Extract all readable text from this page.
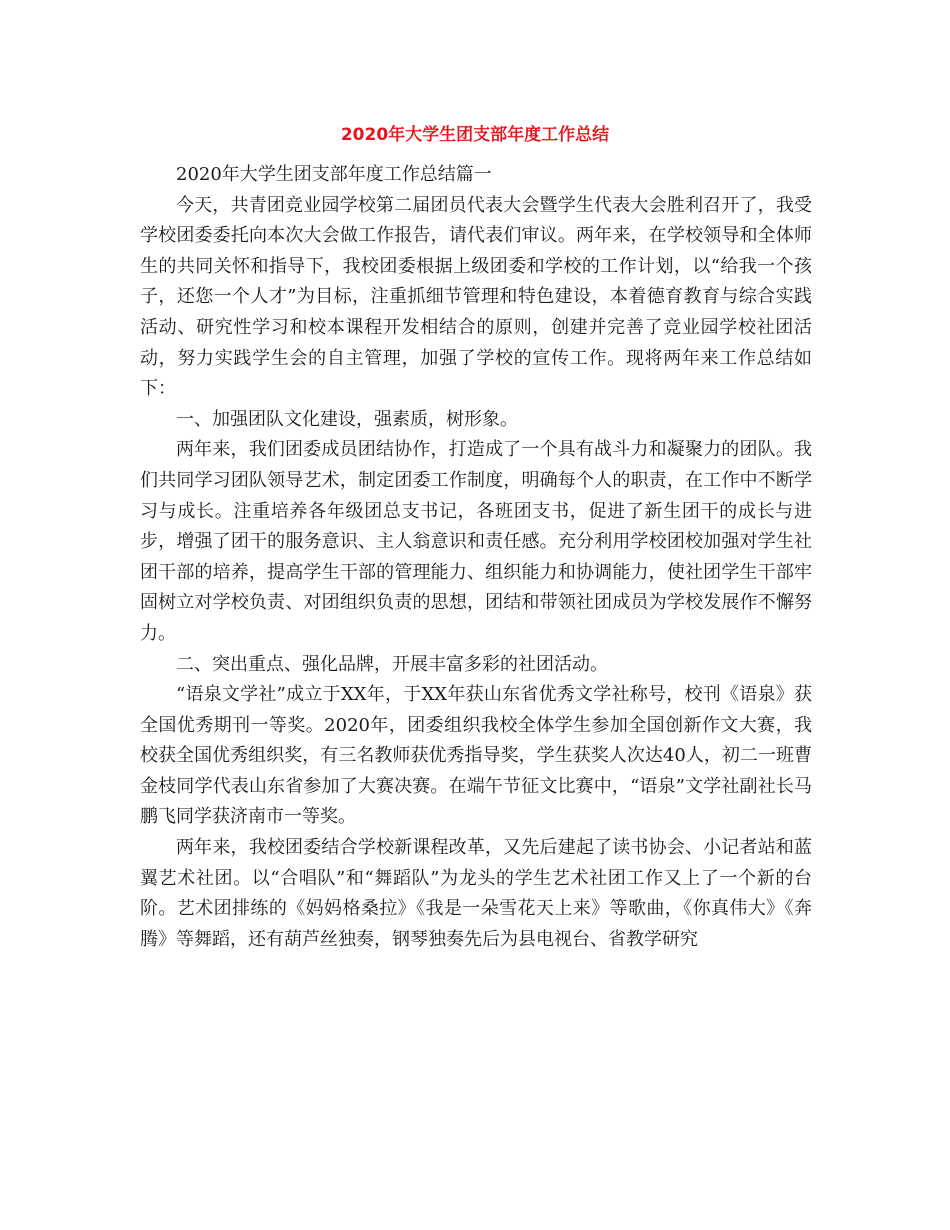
2020年大学生团支部年度工作总结

2020年大学生团支部年度工作总结篇一

今天，共青团竞业园学校第二届团员代表大会暨学生代表大会胜利召开了，我受学校团委委托向本次大会做工作报告，请代表们审议。两年来，在学校领导和全体师生的共同关怀和指导下，我校团委根据上级团委和学校的工作计划，以“给我一个孩子，还您一个人才”为目标，注重抓细节管理和特色建设，本着德育教育与综合实践活动、研究性学习和校本课程开发相结合的原则，创建并完善了竞业园学校社团活动，努力实践学生会的自主管理，加强了学校的宣传工作。现将两年来工作总结如下：

一、加强团队文化建设，强素质，树形象。

两年来，我们团委成员团结协作，打造成了一个具有战斗力和凝聚力的团队。我们共同学习团队领导艺术，制定团委工作制度，明确每个人的职责，在工作中不断学习与成长。注重培养各年级团总支书记，各班团支书，促进了新生团干的成长与进步，增强了团干的服务意识、主人翁意识和责任感。充分利用学校团校加强对学生社团干部的培养，提高学生干部的管理能力、组织能力和协调能力，使社团学生干部牢固树立对学校负责、对团组织负责的思想，团结和带领社团成员为学校发展作不懈努力。

二、突出重点、强化品牌，开展丰富多彩的社团活动。

“语泉文学社”成立于XX年，于XX年获山东省优秀文学社称号，校刊《语泉》获全国优秀期刊一等奖。2020年，团委组织我校全体学生参加全国创新作文大赛，我校获全国优秀组织奖，有三名教师获优秀指导奖，学生获奖人次达40人，初二一班曹金枝同学代表山东省参加了大赛决赛。在端午节征文比赛中，“语泉”文学社副社长马鹏飞同学获济南市一等奖。

两年来，我校团委结合学校新课程改革，又先后建起了读书协会、小记者站和蓝翼艺术社团。以“合唱队”和“舞蹈队”为龙头的学生艺术社团工作又上了一个新的台阶。艺术团排练的《妈妈格桑拉》《我是一朵雪花天上来》等歌曲，《你真伟大》《奔腾》等舞蹈，还有葫芦丝独奏，钢琴独奏先后为县电视台、省教学研究
